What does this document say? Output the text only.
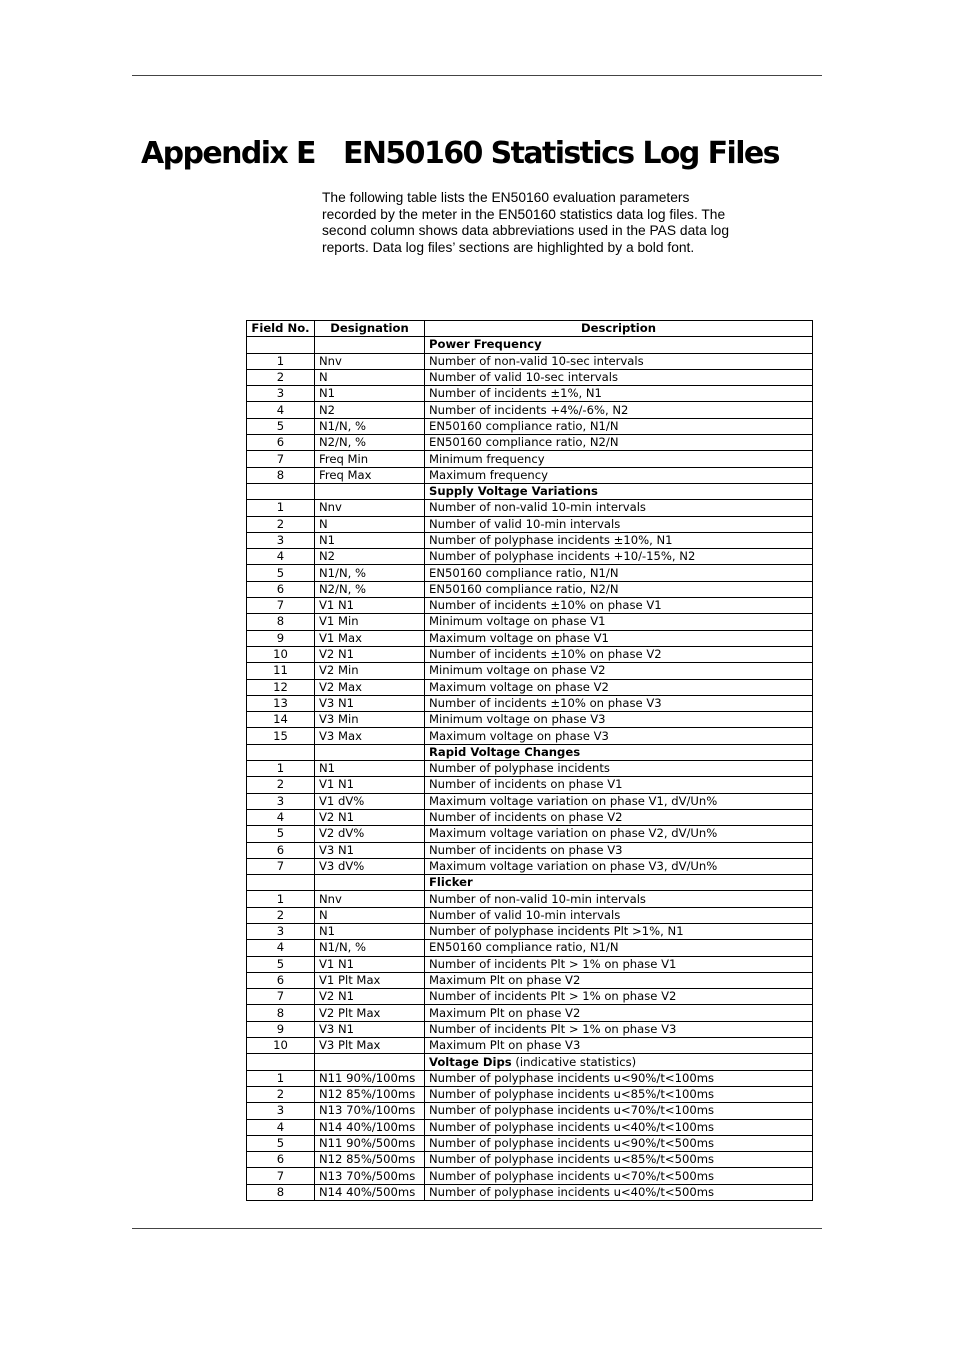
Appendix E EN50160 Statistics Log Files

The following table lists the EN50160 evaluation parameters recorded by the meter in the EN50160 statistics data log files. The second column shows data abbreviations used in the PAS data log reports. Data log files’ sections are highlighted by a bold font.

Field No.	Designation	Description
		Power Frequency
1	Nnv	Number of non-valid 10-sec intervals
2	N	Number of valid 10-sec intervals
3	N1	Number of incidents ±1%, N1
4	N2	Number of incidents +4%/-6%, N2
5	N1/N, %	EN50160 compliance ratio, N1/N
6	N2/N, %	EN50160 compliance ratio, N2/N
7	Freq Min	Minimum frequency
8	Freq Max	Maximum frequency
		Supply Voltage Variations
1	Nnv	Number of non-valid 10-min intervals
2	N	Number of valid 10-min intervals
3	N1	Number of polyphase incidents ±10%, N1
4	N2	Number of polyphase incidents +10/-15%, N2
5	N1/N, %	EN50160 compliance ratio, N1/N
6	N2/N, %	EN50160 compliance ratio, N2/N
7	V1 N1	Number of incidents ±10% on phase V1
8	V1 Min	Minimum voltage on phase V1
9	V1 Max	Maximum voltage on phase V1
10	V2 N1	Number of incidents ±10% on phase V2
11	V2 Min	Minimum voltage on phase V2
12	V2 Max	Maximum voltage on phase V2
13	V3 N1	Number of incidents ±10% on phase V3
14	V3 Min	Minimum voltage on phase V3
15	V3 Max	Maximum voltage on phase V3
		Rapid Voltage Changes
1	N1	Number of polyphase incidents
2	V1 N1	Number of incidents on phase V1
3	V1 dV%	Maximum voltage variation on phase V1, dV/Un%
4	V2 N1	Number of incidents on phase V2
5	V2 dV%	Maximum voltage variation on phase V2, dV/Un%
6	V3 N1	Number of incidents on phase V3
7	V3 dV%	Maximum voltage variation on phase V3, dV/Un%
		Flicker
1	Nnv	Number of non-valid 10-min intervals
2	N	Number of valid 10-min intervals
3	N1	Number of polyphase incidents Plt >1%, N1
4	N1/N, %	EN50160 compliance ratio, N1/N
5	V1 N1	Number of incidents Plt > 1% on phase V1
6	V1 Plt Max	Maximum Plt on phase V2
7	V2 N1	Number of incidents Plt > 1% on phase V2
8	V2 Plt Max	Maximum Plt on phase V2
9	V3 N1	Number of incidents Plt > 1% on phase V3
10	V3 Plt Max	Maximum Plt on phase V3
		Voltage Dips (indicative statistics)
1	N11 90%/100ms	Number of polyphase incidents u<90%/t<100ms
2	N12 85%/100ms	Number of polyphase incidents u<85%/t<100ms
3	N13 70%/100ms	Number of polyphase incidents u<70%/t<100ms
4	N14 40%/100ms	Number of polyphase incidents u<40%/t<100ms
5	N11 90%/500ms	Number of polyphase incidents u<90%/t<500ms
6	N12 85%/500ms	Number of polyphase incidents u<85%/t<500ms
7	N13 70%/500ms	Number of polyphase incidents u<70%/t<500ms
8	N14 40%/500ms	Number of polyphase incidents u<40%/t<500ms
